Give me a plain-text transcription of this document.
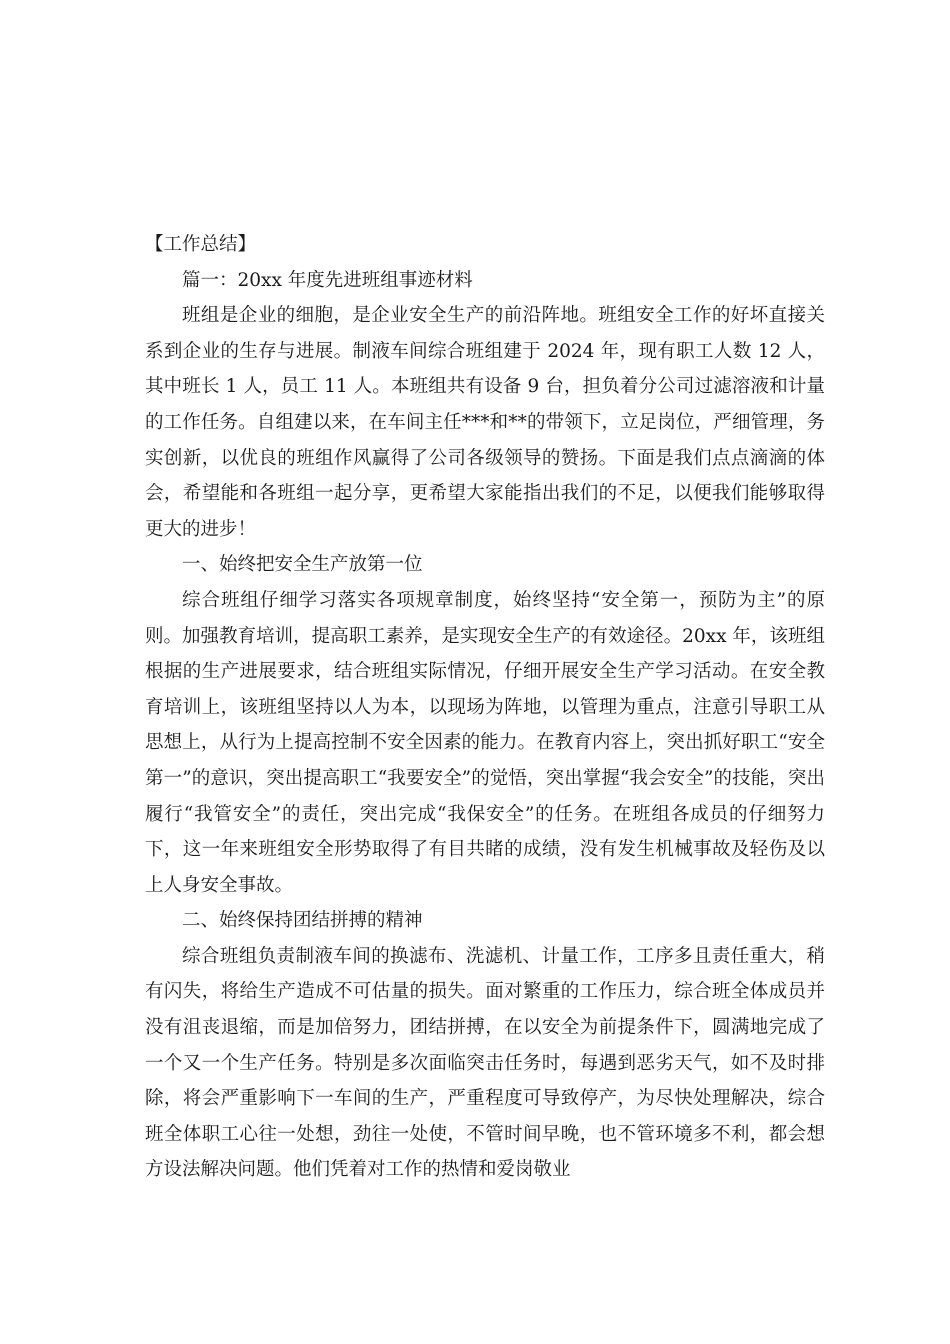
【工作总结】

篇一：20xx 年度先进班组事迹材料

班组是企业的细胞，是企业安全生产的前沿阵地。班组安全工作的好坏直接关系到企业的生存与进展。制液车间综合班组建于 2024 年，现有职工人数 12 人，其中班长 1 人，员工 11 人。本班组共有设备 9 台，担负着分公司过滤溶液和计量的工作任务。自组建以来，在车间主任***和**的带领下，立足岗位，严细管理，务实创新，以优良的班组作风赢得了公司各级领导的赞扬。下面是我们点点滴滴的体会，希望能和各班组一起分享，更希望大家能指出我们的不足，以便我们能够取得更大的进步！

一、始终把安全生产放第一位

综合班组仔细学习落实各项规章制度，始终坚持“安全第一，预防为主”的原则。加强教育培训，提高职工素养，是实现安全生产的有效途径。20xx 年，该班组根据的生产进展要求，结合班组实际情况，仔细开展安全生产学习活动。在安全教育培训上，该班组坚持以人为本，以现场为阵地，以管理为重点，注意引导职工从思想上，从行为上提高控制不安全因素的能力。在教育内容上，突出抓好职工“安全第一”的意识，突出提高职工“我要安全”的觉悟，突出掌握“我会安全”的技能，突出履行“我管安全”的责任，突出完成“我保安全”的任务。在班组各成员的仔细努力下，这一年来班组安全形势取得了有目共睹的成绩，没有发生机械事故及轻伤及以上人身安全事故。

二、始终保持团结拼搏的精神

综合班组负责制液车间的换滤布、洗滤机、计量工作，工序多且责任重大，稍有闪失，将给生产造成不可估量的损失。面对繁重的工作压力，综合班全体成员并没有沮丧退缩，而是加倍努力，团结拼搏，在以安全为前提条件下，圆满地完成了一个又一个生产任务。特别是多次面临突击任务时，每遇到恶劣天气，如不及时排除，将会严重影响下一车间的生产，严重程度可导致停产，为尽快处理解决，综合班全体职工心往一处想，劲往一处使，不管时间早晚，也不管环境多不利，都会想方设法解决问题。他们凭着对工作的热情和爱岗敬业
